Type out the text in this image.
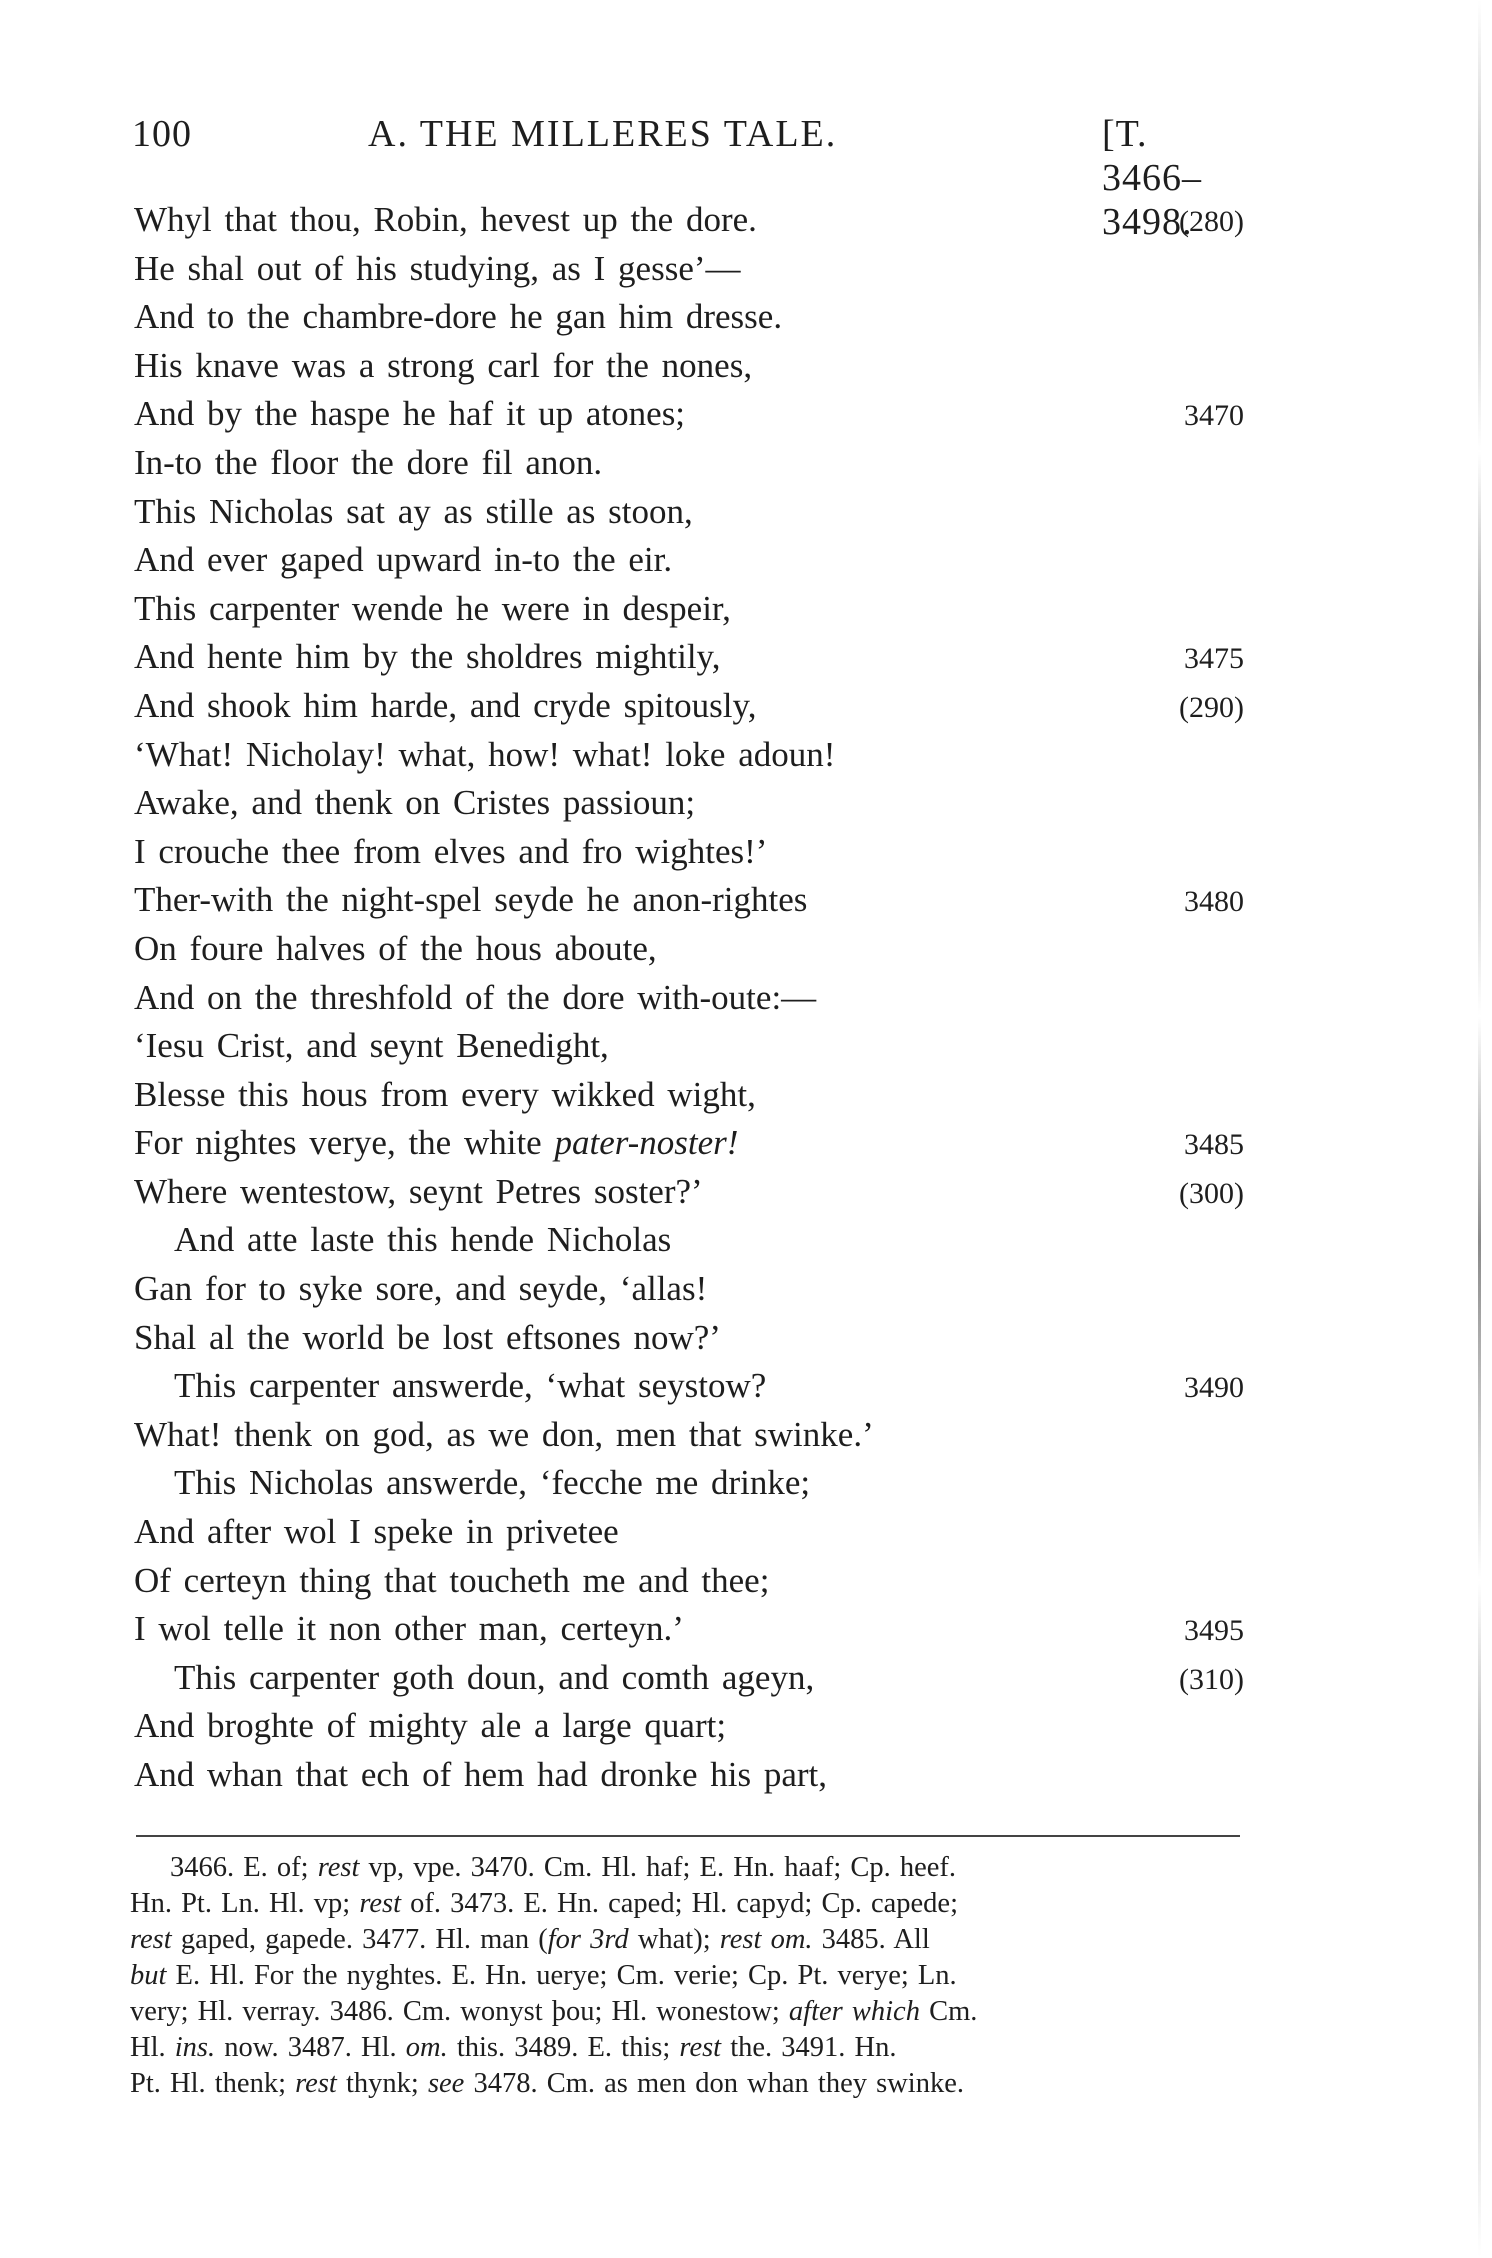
100	A. THE MILLERES TALE.	[T. 3466–3498.
Whyl that thou, Robin, hevest up the dore.	(280)
He shal out of his studying, as I gesse’—
And to the chambre-dore he gan him dresse.
His knave was a strong carl for the nones,
And by the haspe he haf it up atones;	3470
In-to the floor the dore fil anon.
This Nicholas sat ay as stille as stoon,
And ever gaped upward in-to the eir.
This carpenter wende he were in despeir,
And hente him by the sholdres mightily,	3475
And shook him harde, and cryde spitously,	(290)
‘What! Nicholay! what, how! what! loke adoun!
Awake, and thenk on Cristes passioun;
I crouche thee from elves and fro wightes!’
Ther-with the night-spel seyde he anon-rightes	3480
On foure halves of the hous aboute,
And on the threshfold of the dore with-oute:—
‘Iesu Crist, and seynt Benedight,
Blesse this hous from every wikked wight,
For nightes verye, the white pater-noster!	3485
Where wentestow, seynt Petres soster?’	(300)
And atte laste this hende Nicholas
Gan for to syke sore, and seyde, ‘allas!
Shal al the world be lost eftsones now?’
This carpenter answerde, ‘what seystow?	3490
What! thenk on god, as we don, men that swinke.’
This Nicholas answerde, ‘fecche me drinke;
And after wol I speke in privetee
Of certeyn thing that toucheth me and thee;
I wol telle it non other man, certeyn.’	3495
This carpenter goth doun, and comth ageyn,	(310)
And broghte of mighty ale a large quart;
And whan that ech of hem had dronke his part,
3466. E. of; rest vp, vpe. 3470. Cm. Hl. haf; E. Hn. haaf; Cp. heef.
Hn. Pt. Ln. Hl. vp; rest of. 3473. E. Hn. caped; Hl. capyd; Cp. capede;
rest gaped, gapede. 3477. Hl. man (for 3rd what); rest om. 3485. All
but E. Hl. For the nyghtes. E. Hn. uerye; Cm. verie; Cp. Pt. verye; Ln.
very; Hl. verray. 3486. Cm. wonyst þou; Hl. wonestow; after which Cm.
Hl. ins. now. 3487. Hl. om. this. 3489. E. this; rest the. 3491. Hn.
Pt. Hl. thenk; rest thynk; see 3478. Cm. as men don whan they swinke.
